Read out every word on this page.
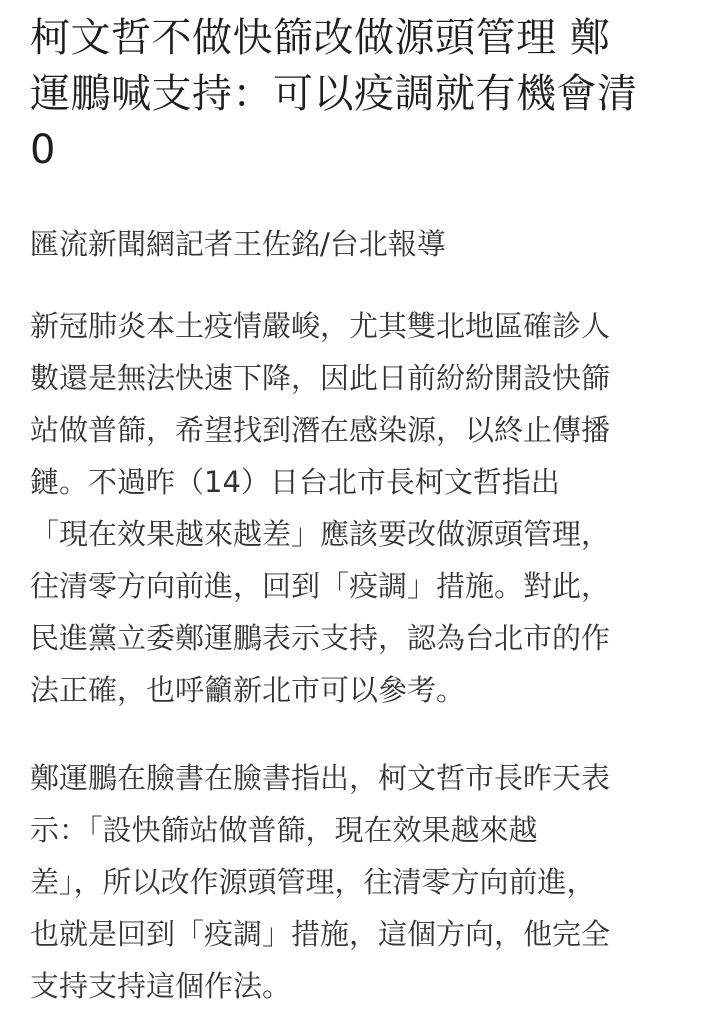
柯文哲不做快篩改做源頭管理 鄭
運鵬喊支持：可以疫調就有機會清
0
匯流新聞網記者王佐銘/台北報導

新冠肺炎本土疫情嚴峻，尤其雙北地區確診人
數還是無法快速下降，因此日前紛紛開設快篩
站做普篩，希望找到潛在感染源，以終止傳播
鏈。不過昨（14）日台北市長柯文哲指出
「現在效果越來越差」應該要改做源頭管理，
往清零方向前進，回到「疫調」措施。對此，
民進黨立委鄭運鵬表示支持，認為台北市的作
法正確，也呼籲新北市可以參考。

鄭運鵬在臉書在臉書指出，柯文哲市長昨天表
示：「設快篩站做普篩，現在效果越來越
差」，所以改作源頭管理，往清零方向前進，
也就是回到「疫調」措施，這個方向，他完全
支持支持這個作法。
